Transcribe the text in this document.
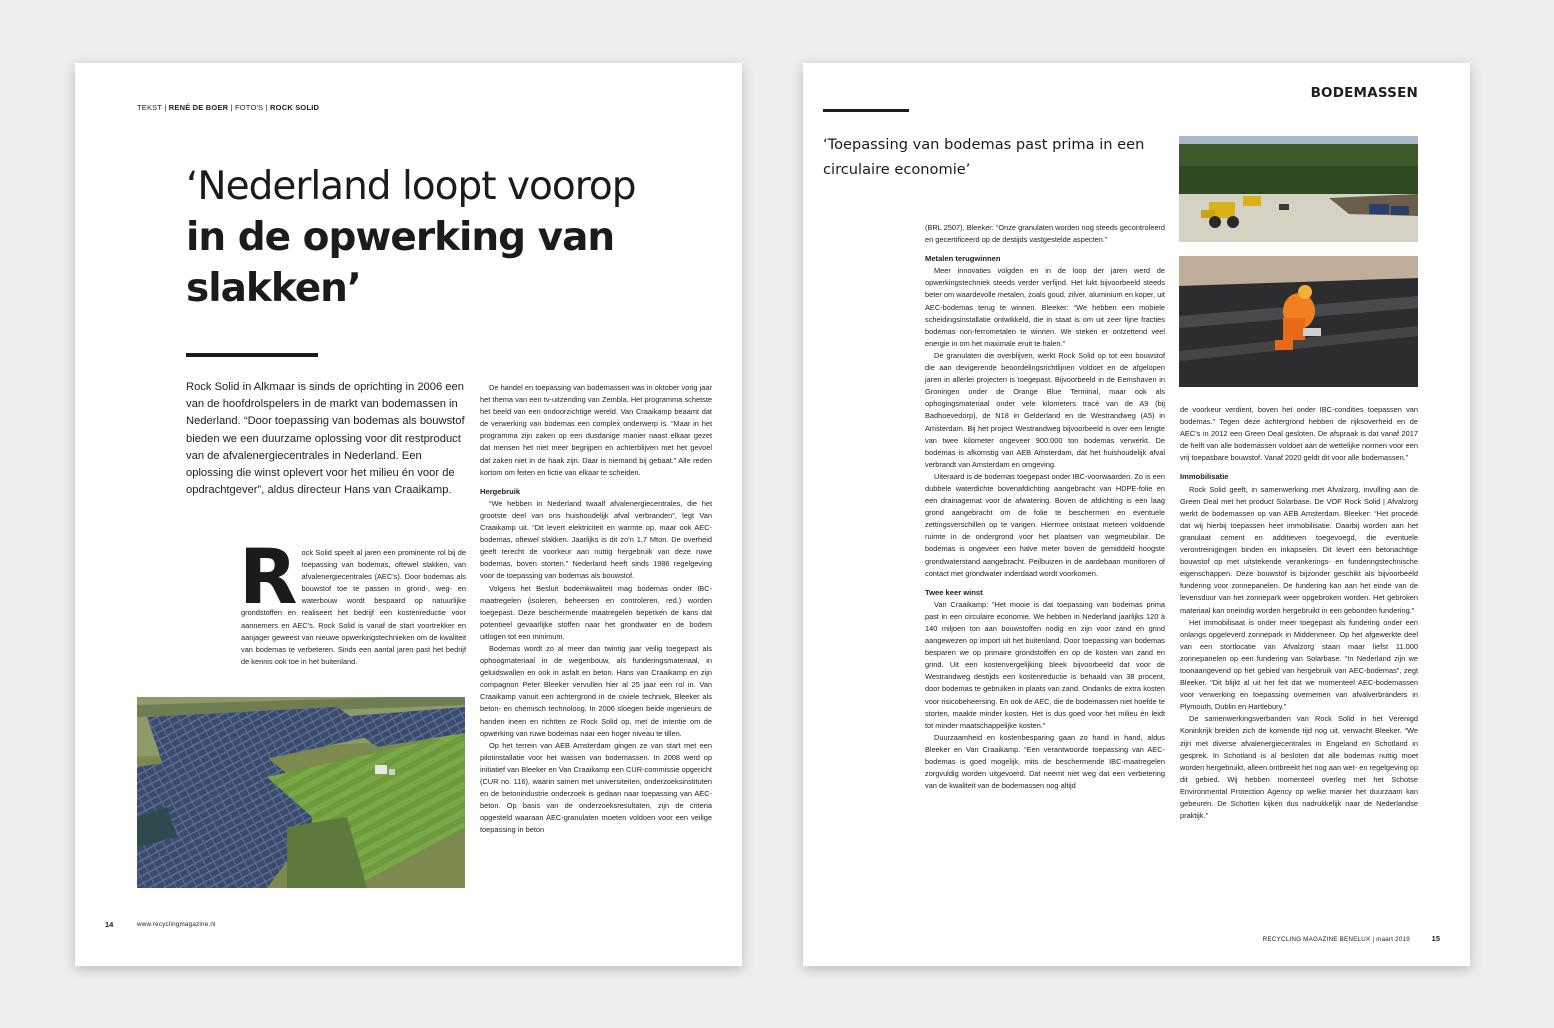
TEKST | RENÉ DE BOER | FOTO'S | ROCK SOLID
‘Nederland loopt voorop
in de opwerking van
slakken’
Rock Solid in Alkmaar is sinds de oprichting in 2006 een van de hoofdrolspelers in de markt van bodemassen in Nederland. “Door toepassing van bodemas als bouwstof bieden we een duurzame oplossing voor dit restproduct van de afvalenergiecentrales in Nederland. Een oplossing die winst oplevert voor het milieu én voor de opdrachtgever”, aldus directeur Hans van Craaikamp.
R ock Solid speelt al jaren een prominente rol bij de toepassing van bodemas, oftewel slakken, van afvalenergiecentrales (AEC’s). Door bodemas als bouwstof toe te passen in grond-, weg- en waterbouw wordt bespaard op natuurlijke grondstoffen en realiseert het bedrijf een kostenreductie voor aannemers en AEC’s. Rock Solid is vanaf de start voortrekker en aanjager geweest van nieuwe opwerkingstechnieken om de kwaliteit van bodemas te verbeteren. Sinds een aantal jaren past het bedrijf de kennis ook toe in het buitenland.

De handel en toepassing van bodemassen was in oktober vorig jaar het thema van een tv-uitzending van Zembla. Het programma schetste het beeld van een ondoorzichtige wereld. Van Craaikamp beaamt dat de verwerking van bodemas een complex onderwerp is. “Maar in het programma zijn zaken op een dusdanige manier naast elkaar gezet dat mensen het niet meer begrijpen en achterblijven met het gevoel dat zaken niet in de haak zijn. Daar is niemand bij gebaat.” Alle reden kortom om feiten en fictie van elkaar te scheiden.

Hergebruik

“We hebben in Nederland twaalf afvalenergiecentrales, die het grootste deel van ons huishoudelijk afval verbranden”, legt Van Craaikamp uit. “Dit levert elektriciteit en warmte op, maar ook AEC-bodemas, oftewel slakken. Jaarlijks is dit zo’n 1,7 Mton. De overheid geeft terecht de voorkeur aan nuttig hergebruik van deze ruwe bodemas, boven storten.” Nederland heeft sinds 1986 regelgeving voor de toepassing van bodemas als bouwstof.

Volgens het Besluit bodemkwaliteit mag bodemas onder IBC-maatregelen (isoleren, beheersen en controleren, red.) worden toegepast. Deze beschermende maatregelen beperken de kans dat potentieel gevaarlijke stoffen naar het grondwater en de bodem uitlogen tot een minimum.

Bodemas wordt zo al meer dan twintig jaar veilig toegepast als ophoogmateriaal in de wegenbouw, als funderingsmateriaal, in geluidswallen en ook in asfalt en beton. Hans van Craaikamp en zijn compagnon Peter Bleeker vervullen hier al 25 jaar een rol in. Van Craaikamp vanuit een achtergrond in de civiele techniek, Bleeker als beton- en chemisch technoloog. In 2006 sloegen beide ingenieurs de handen ineen en richtten ze Rock Solid op, met de intentie om de opwerking van ruwe bodemas naar een hoger niveau te tillen.

Op het terrein van AEB Amsterdam gingen ze van start met een pilotinstallatie voor het wassen van bodemassen. In 2008 werd op initiatief van Bleeker en Van Craaikamp een CUR-commissie opgericht (CUR no. 116), waarin samen met universiteiten, onderzoeksinstituten en de betonindustrie onderzoek is gedaan naar toepassing van AEC-beton. Op basis van de onderzoeksresultaten, zijn de criteria opgesteld waaraan AEC-granulaten moeten voldoen voor een veilige toepassing in beton

14	www.recyclingmagazine.nl
BODEMASSEN
‘Toepassing van bodemas past prima in een circulaire economie’

(BRL 2507). Bleeker: “Onze granulaten worden nog steeds gecontroleerd en gecertificeerd op de destijds vastgestelde aspecten.”

Metalen terugwinnen

Meer innovaties volgden en in de loop der jaren werd de opwerkingstechniek steeds verder verfijnd. Het lukt bijvoorbeeld steeds beter om waardevolle metalen, zoals goud, zilver, aluminium en koper, uit AEC-bodemas terug te winnen. Bleeker: “We hebben een mobiele scheidingsinstallatie ontwikkeld, die in staat is om uit zeer fijne fracties bodemas non-ferrometalen te winnen. We steken er ontzettend veel energie in om het maximale eruit te halen.”

De granulaten die overblijven, werkt Rock Solid op tot een bouwstof die aan devigerende beoordelingsrichtlijnen voldoet en de afgelopen jaren in allerlei projecten is toegepast. Bijvoorbeeld in de Eemshaven in Groningen onder de Orange Blue Terminal, maar ook als ophogingsmateriaal onder vele kilometers tracé van de A9 (bij Badhoevedorp), de N18 in Gelderland en de Westrandweg (A5) in Amsterdam. Bij het project Westrandweg bijvoorbeeld is over een lengte van twee kilometer ongeveer 900.000 ton bodemas verwerkt. De bodemas is afkomstig van AEB Amsterdam, dat het huishoudelijk afval verbrandt van Amsterdam en omgeving.

Uiteraard is de bodemas toegepast onder IBC-voorwaarden. Zo is een dubbele waterdichte bovenafdichting aangebracht van HDPE-folie en een drainagemat voor de afwatering. Boven de afdichting is een laag grond aangebracht om de folie te beschermen en eventuele zettingsverschillen op te vangen. Hiermee ontstaat meteen voldoende ruimte in de ondergrond voor het plaatsen van wegmeubilair. De bodemas is ongeveer een halve meter boven de gemiddeld hoogste grondwaterstand aangebracht. Peilbuizen in de aardebaan monitoren of contact met grondwater inderdaad wordt voorkomen.

Twee keer winst

Van Craaikamp: “Het mooie is dat toepassing van bodemas prima past in een circulaire economie. We hebben in Nederland jaarlijks 120 à 140 miljoen ton aan bouwstoffen nodig en zijn voor zand en grind aangewezen op import uit het buitenland. Door toepassing van bodemas besparen we op primaire grondstoffen en op de kosten van zand en grind. Uit een kostenvergelijking bleek bijvoorbeeld dat voor de Westrandweg destijds een kostenreductie is behaald van 38 procent, door bodemas te gebruiken in plaats van zand. Ondanks de extra kosten voor risicobeheersing. En ook de AEC, die de bodemassen niet hoefde te storten, maakte minder kosten. Het is dus goed voor het milieu én leidt tot minder maatschappelijke kosten.”

Duurzaamheid en kostenbesparing gaan zo hand in hand, aldus Bleeker en Van Craaikamp. “Een verantwoorde toepassing van AEC-bodemas is goed mogelijk, mits de beschermende IBC-maatregelen zorgvuldig worden uitgevoerd. Dat neemt niet weg dat een verbetering van de kwaliteit van de bodemassen nog altijd

de voorkeur verdient, boven het onder IBC-condities toepassen van bodemas.” Tegen deze achtergrond hebben de rijksoverheid en de AEC’s in 2012 een Green Deal gesloten. De afspraak is dat vanaf 2017 de helft van alle bodemassen voldoet aan de wettelijke normen voor een vrij toepasbare bouwstof. Vanaf 2020 geldt dit voor alle bodemassen.”

Immobilisatie

Rock Solid geeft, in samenwerking met Afvalzorg, invulling aan de Green Deal met het product Solarbase. De VOF Rock Solid | Afvalzorg werkt de bodemassen op van AEB Amsterdam. Bleeker: “Het procedé dat wij hierbij toepassen heet immobilisatie. Daarbij worden aan het granulaat cement en additieven toegevoegd, die eventuele verontreinigingen binden en inkapselen. Dit levert een betonachtige bouwstof op met uitstekende verankerings- en funderingstechnische eigenschappen. Deze bouwstof is bijzonder geschikt als bijvoorbeeld fundering voor zonnepanelen. De fundering kan aan het einde van de levensduur van het zonnepark weer opgebroken worden. Het gebroken materiaal kan oneindig worden hergebruikt in een gebonden fundering.”

Het immobilisaat is onder meer toegepast als fundering onder een onlangs opgeleverd zonnepark in Middenmeer. Op het afgewerkte deel van een stortlocatie van Afvalzorg staan maar liefst 11.000 zonnepanelen op een fundering van Solarbase. “In Nederland zijn we toonaangevend op het gebied van hergebruik van AEC-bodemas”, zegt Bleeker. “Dit blijkt al uit het feit dat we momenteel AEC-bodemassen voor verwerking en toepassing overnemen van afvalverbranders in Plymouth, Dublin en Hartlebury.”

De samenwerkingsverbanden van Rock Solid in het Verenigd Koninkrijk breiden zich de komende tijd nog uit, verwacht Bleeker. “We zijn met diverse afvalenergiecentrales in Engeland en Schotland in gesprek. In Schotland is al besloten dat alle bodemas nuttig moet worden hergebruikt, alleen ontbreekt het nog aan wet- en regelgeving op dit gebied. Wij hebben momenteel overleg met het Schotse Environmental Protection Agency op welke manier het duurzaam kan gebeuren. De Schotten kijken dus nadrukkelijk naar de Nederlandse praktijk.”

RECYCLING MAGAZINE BENELUX | maart 2019	15
